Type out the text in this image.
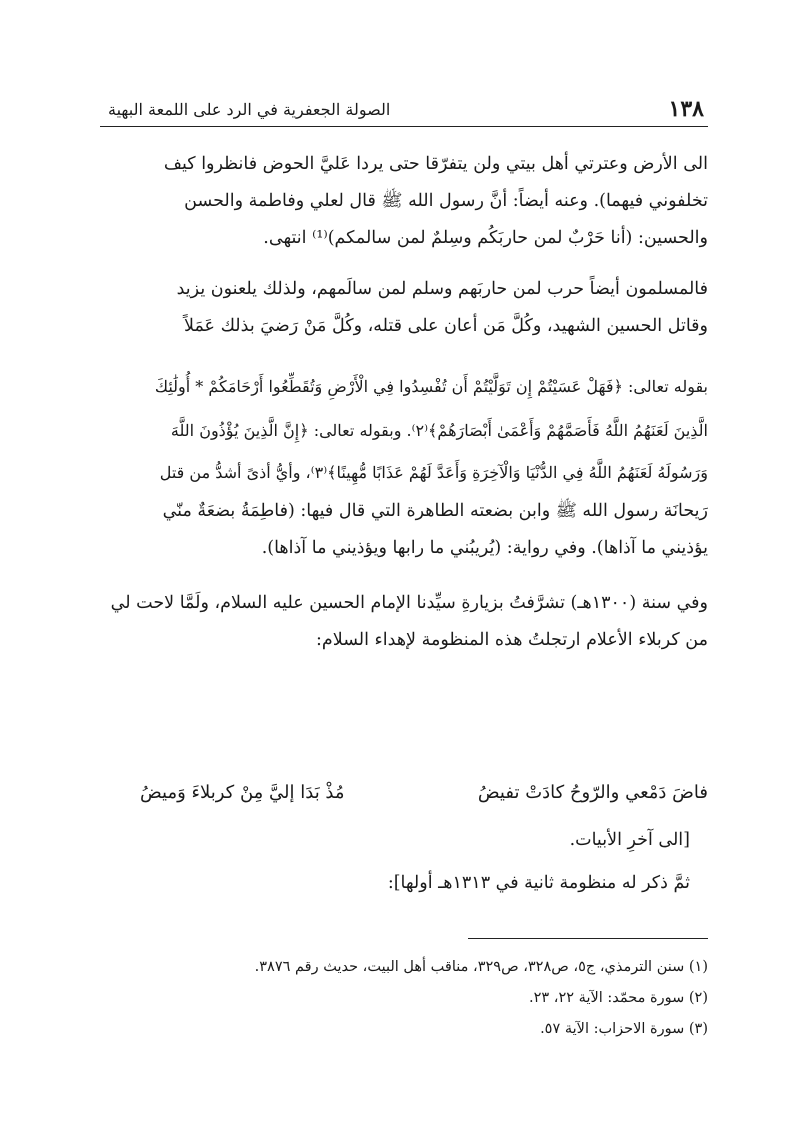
١٣٨
الصولة الجعفرية في الرد على اللمعة البهية
الى الأرض وعترتي أهل بيتي ولن يتفرّقا حتى يردا عَليَّ الحوض فانظروا كيف
تخلفوني فيهما). وعنه أيضاً: أنَّ رسول الله ﷺ قال لعلي وفاطمة والحسن
والحسين: (أنا حَرْبٌ لمن حاربَكُم وسِلمٌ لمن سالمكم)⁽¹⁾ انتهى.
فالمسلمون أيضاً حرب لمن حاربَهم وسلم لمن سالَمهم، ولذلك يلعنون يزيد
وقاتل الحسين الشهيد، وكُلَّ مَن أعان على قتله، وكُلَّ مَنْ رَضيَ بذلك عَمَلاً
بقوله تعالى: ﴿فَهَلْ عَسَيْتُمْ إِن تَوَلَّيْتُمْ أَن تُفْسِدُوا فِي الْأَرْضِ وَتُقَطِّعُوا أَرْحَامَكُمْ * أُولَٰئِكَ
الَّذِينَ لَعَنَهُمُ اللَّهُ فَأَصَمَّهُمْ وَأَعْمَىٰ أَبْصَارَهُمْ﴾⁽٢⁾. وبقوله تعالى: ﴿إِنَّ الَّذِينَ يُؤْذُونَ اللَّهَ
وَرَسُولَهُ لَعَنَهُمُ اللَّهُ فِي الدُّنْيَا وَالْآخِرَةِ وَأَعَدَّ لَهُمْ عَذَابًا مُّهِينًا﴾⁽٣⁾، وأيُّ أذىً أشدُّ من قتل
رَيحانَة رسول الله ﷺ وابن بضعته الطاهرة التي قال فيها: (فاطِمَةُ بضعَةٌ منّي
يؤذيني ما آذاها). وفي رواية: (يُريبُني ما رابها ويؤذيني ما آذاها).
وفي سنة (١٣٠٠هـ) تشرَّفتُ بزيارةِ سيِّدنا الإمام الحسين عليه السلام، ولَمَّا لاحت لي
من كربلاء الأعلام ارتجلتُ هذه المنظومة لإهداء السلام:
فاضَ دَمْعي والرّوحُ كادَتْ تفيضُ
مُذْ بَدَا إليَّ مِنْ كربلاءَ وَميضُ
[الى آخرِ الأبيات.
ثمَّ ذكر له منظومة ثانية في ١٣١٣هـ أولها]:
(١) سنن الترمذي، ج٥، ص٣٢٨، ص٣٢٩، مناقب أهل البيت، حديث رقم ٣٨٧٦.
(٢) سورة محمّد: الآية ٢٢، ٢٣.
(٣) سورة الاحزاب: الآية ٥٧.
